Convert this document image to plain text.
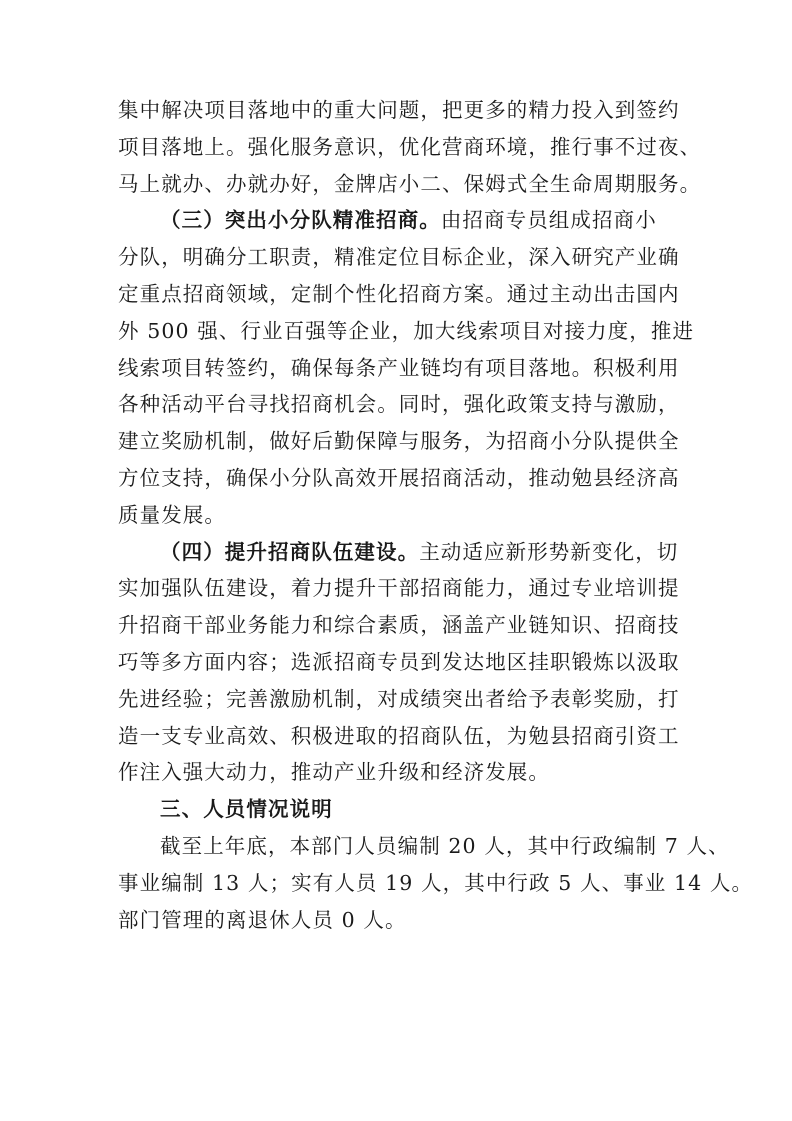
集中解决项目落地中的重大问题，把更多的精力投入到签约
项目落地上。强化服务意识，优化营商环境，推行事不过夜、
马上就办、办就办好，金牌店小二、保姆式全生命周期服务。

（三）突出小分队精准招商。由招商专员组成招商小
分队，明确分工职责，精准定位目标企业，深入研究产业确
定重点招商领域，定制个性化招商方案。通过主动出击国内
外 500 强、行业百强等企业，加大线索项目对接力度，推进
线索项目转签约，确保每条产业链均有项目落地。积极利用
各种活动平台寻找招商机会。同时，强化政策支持与激励，
建立奖励机制，做好后勤保障与服务，为招商小分队提供全
方位支持，确保小分队高效开展招商活动，推动勉县经济高
质量发展。

（四）提升招商队伍建设。主动适应新形势新变化，切
实加强队伍建设，着力提升干部招商能力，通过专业培训提
升招商干部业务能力和综合素质，涵盖产业链知识、招商技
巧等多方面内容；选派招商专员到发达地区挂职锻炼以汲取
先进经验；完善激励机制，对成绩突出者给予表彰奖励，打
造一支专业高效、积极进取的招商队伍，为勉县招商引资工
作注入强大动力，推动产业升级和经济发展。

三、人员情况说明

截至上年底，本部门人员编制 20 人，其中行政编制 7 人、
事业编制 13 人；实有人员 19 人，其中行政 5 人、事业 14 人。
部门管理的离退休人员 0 人。
